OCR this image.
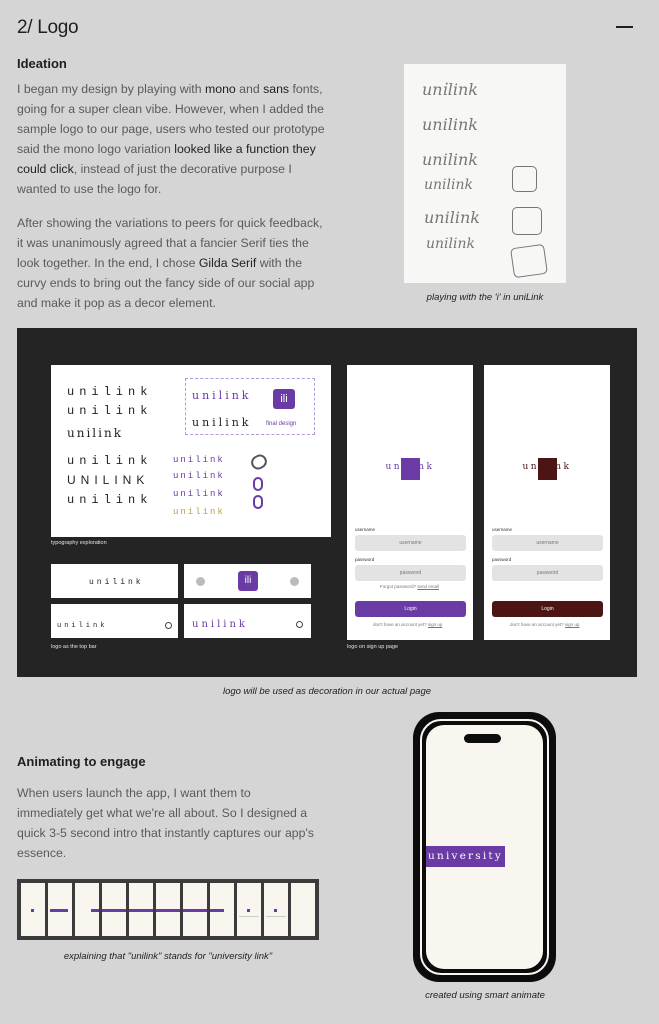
2/ Logo
Ideation
I began my design by playing with mono and sans fonts, going for a super clean vibe. However, when I added the sample logo to our page, users who tested our prototype said the mono logo variation looked like a function they could click, instead of just the decorative purpose I wanted to use the logo for.
After showing the variations to peers for quick feedback, it was unanimously agreed that a fancier Serif ties the look together. In the end, I chose Gilda Serif with the curvy ends to bring out the fancy side of our social app and make it pop as a decor element.
uni̇̇link
unilink
unilink
unilink
unilink
unilink
playing with the 'i' in uniLink
unilink
unilink
unilink
unilink
UNILINK
unilink
unilink
unilink
ili
final design
unilink
unilink
unilink
unilink
typography exploration
unilink	ili
unilink	unilink
logo as the top bar
unilink
username
username
password
password
Forgot password? send email
Login
don't have an account yet? sign up
unilink
username
username
password
password
Login
don't have an account yet? sign up
logo on sign up page
logo will be used as decoration in our actual page
Animating to engage
When users launch the app, I want them to immediately get what we're all about. So I designed a quick 3-5 second intro that instantly captures our app's essence.
explaining that "unilink" stands for "university link"
university
created using smart animate
